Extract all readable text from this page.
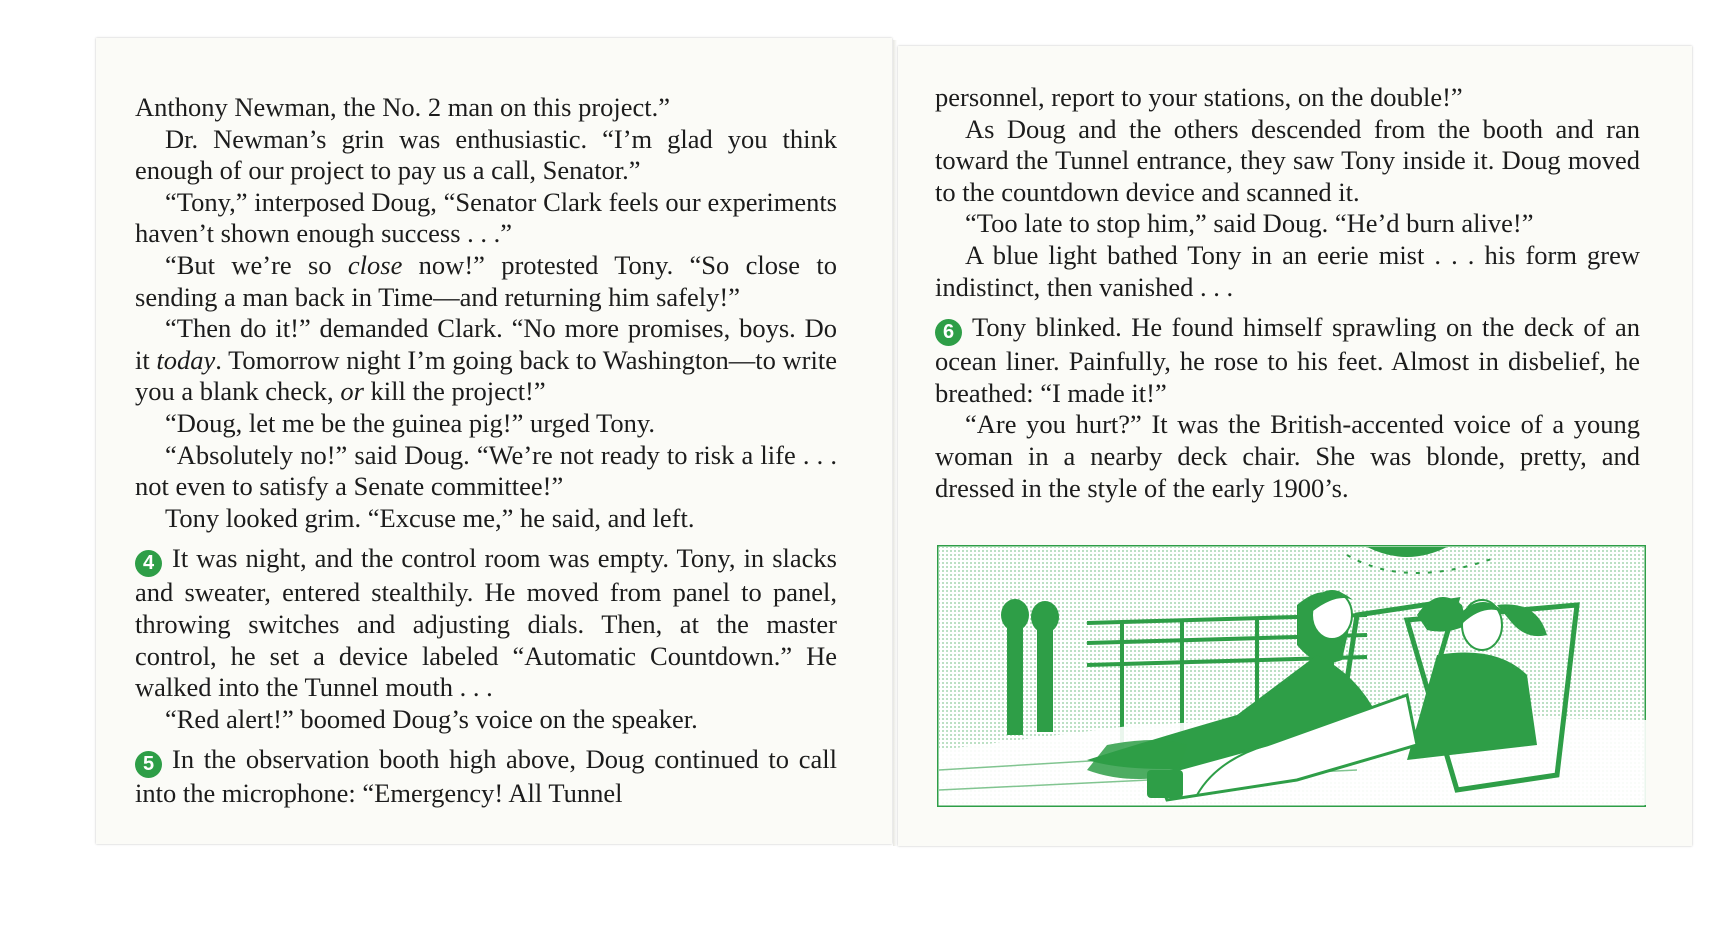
Anthony Newman, the No. 2 man on this project.”

Dr. Newman’s grin was enthusiastic. “I’m glad you think enough of our project to pay us a call, Senator.”

“Tony,” interposed Doug, “Senator Clark feels our experiments haven’t shown enough success . . .”

“But we’re so close now!” protested Tony. “So close to sending a man back in Time—and returning him safely!”

“Then do it!” demanded Clark. “No more promises, boys. Do it today. Tomorrow night I’m going back to Washington—to write you a blank check, or kill the project!”

“Doug, let me be the guinea pig!” urged Tony.

“Absolutely no!” said Doug. “We’re not ready to risk a life . . . not even to satisfy a Senate committee!”

Tony looked grim. “Excuse me,” he said, and left.

4 It was night, and the control room was empty. Tony, in slacks and sweater, entered stealthily. He moved from panel to panel, throwing switches and adjusting dials. Then, at the master control, he set a device labeled “Automatic Countdown.” He walked into the Tunnel mouth . . .

“Red alert!” boomed Doug’s voice on the speaker.

5 In the observation booth high above, Doug continued to call into the microphone: “Emergency! All Tunnel

personnel, report to your stations, on the double!”

As Doug and the others descended from the booth and ran toward the Tunnel entrance, they saw Tony inside it. Doug moved to the countdown device and scanned it.

“Too late to stop him,” said Doug. “He’d burn alive!”

A blue light bathed Tony in an eerie mist . . . his form grew indistinct, then vanished . . .

6 Tony blinked. He found himself sprawling on the deck of an ocean liner. Painfully, he rose to his feet. Almost in disbelief, he breathed: “I made it!”

“Are you hurt?” It was the British-accented voice of a young woman in a nearby deck chair. She was blonde, pretty, and dressed in the style of the early 1900’s.
